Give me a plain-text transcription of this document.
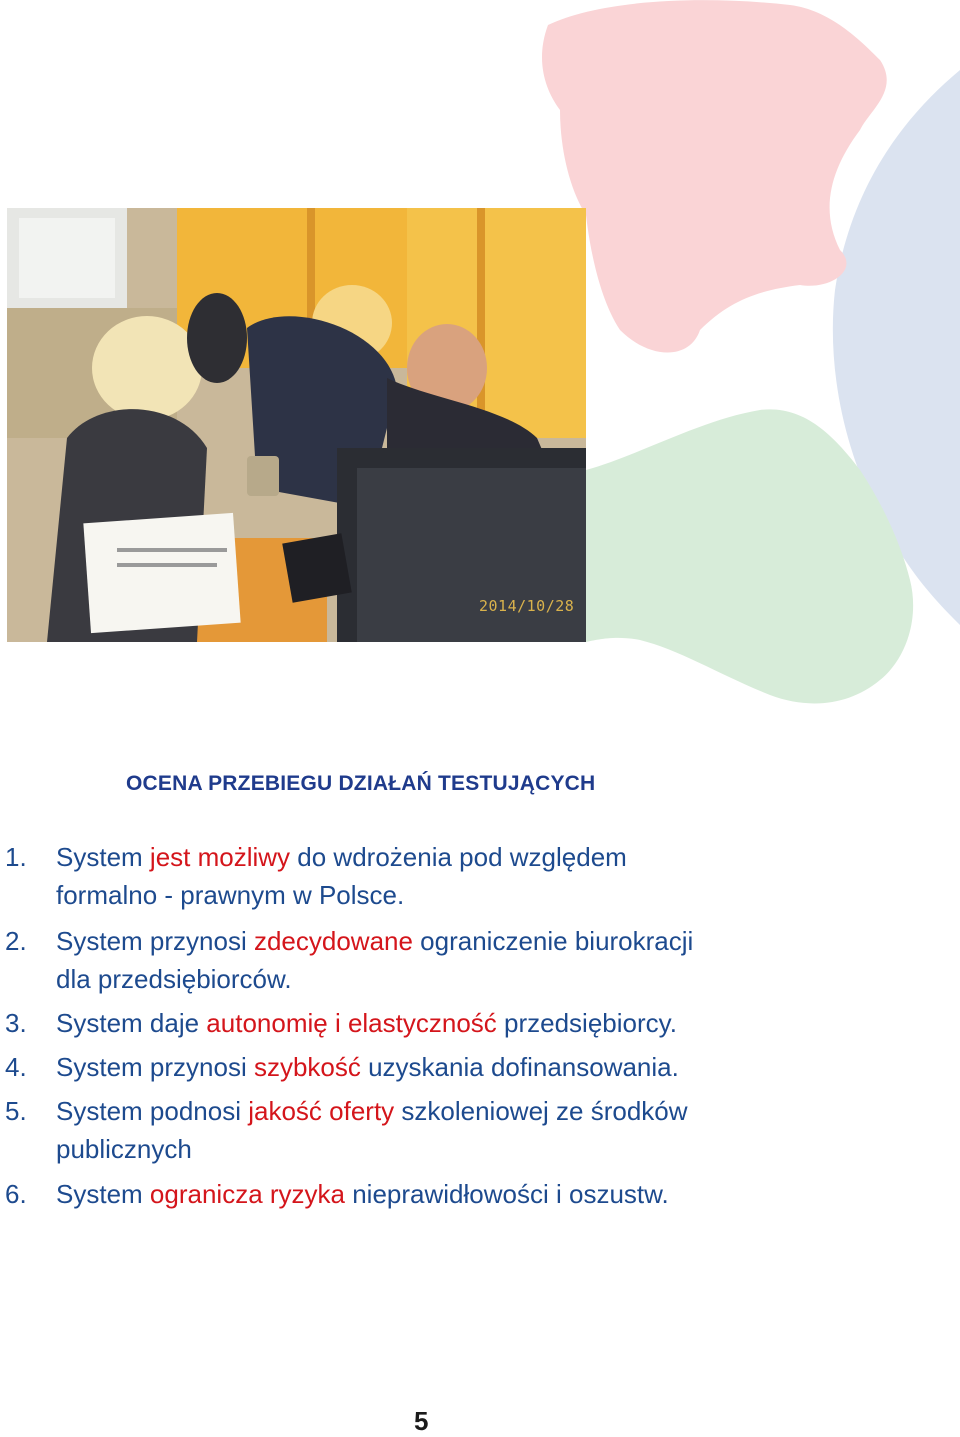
2014/10/28
OCENA PRZEBIEGU DZIAŁAŃ TESTUJĄCYCH
1. System jest możliwy do wdrożenia pod względem
formalno - prawnym w Polsce.
2. System przynosi zdecydowane ograniczenie biurokracji
dla przedsiębiorców.
3. System daje autonomię i elastyczność przedsiębiorcy.
4. System przynosi szybkość uzyskania dofinansowania.
5. System podnosi jakość oferty szkoleniowej ze środków
publicznych
6. System ogranicza ryzyka nieprawidłowości i oszustw.
5
